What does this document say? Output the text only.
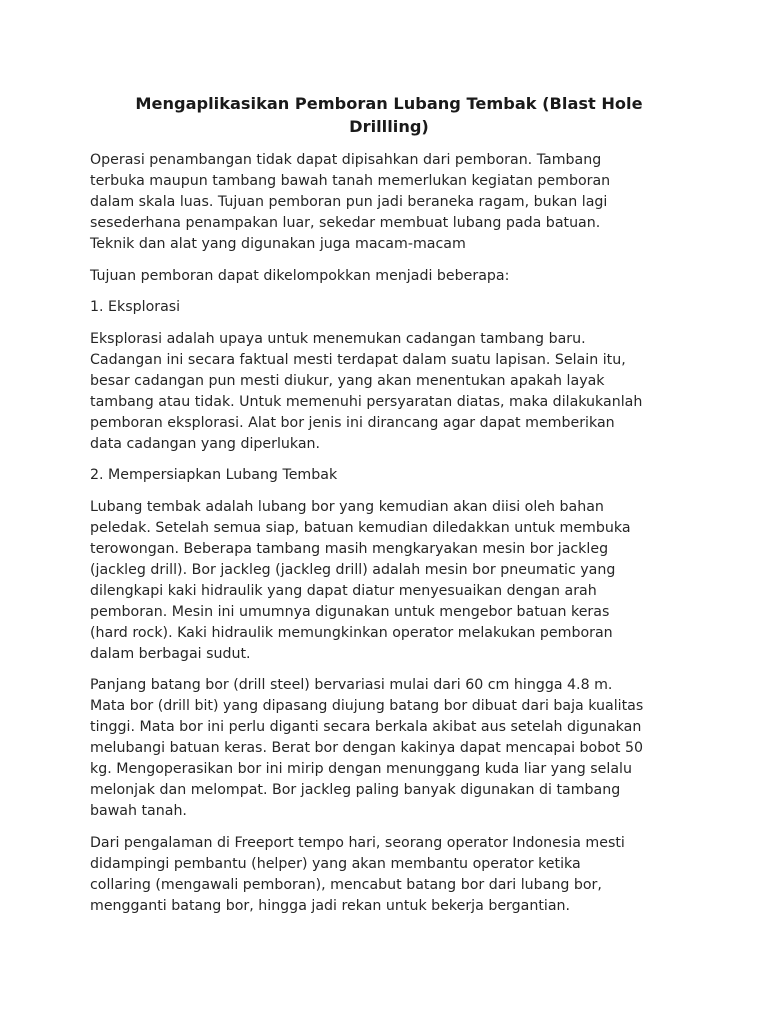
Mengaplikasikan Pemboran Lubang Tembak (Blast Hole
Drillling)

Operasi penambangan tidak dapat dipisahkan dari pemboran. Tambang
terbuka maupun tambang bawah tanah memerlukan kegiatan pemboran
dalam skala luas. Tujuan pemboran pun jadi beraneka ragam, bukan lagi
sesederhana penampakan luar, sekedar membuat lubang pada batuan.
Teknik dan alat yang digunakan juga macam-macam

Tujuan pemboran dapat dikelompokkan menjadi beberapa:

1. Eksplorasi

Eksplorasi adalah upaya untuk menemukan cadangan tambang baru.
Cadangan ini secara faktual mesti terdapat dalam suatu lapisan. Selain itu,
besar cadangan pun mesti diukur, yang akan menentukan apakah layak
tambang atau tidak. Untuk memenuhi persyaratan diatas, maka dilakukanlah
pemboran eksplorasi. Alat bor jenis ini dirancang agar dapat memberikan
data cadangan yang diperlukan.

2. Mempersiapkan Lubang Tembak

Lubang tembak adalah lubang bor yang kemudian akan diisi oleh bahan
peledak. Setelah semua siap, batuan kemudian diledakkan untuk membuka
terowongan. Beberapa tambang masih mengkaryakan mesin bor jackleg
(jackleg drill). Bor jackleg (jackleg drill) adalah mesin bor pneumatic yang
dilengkapi kaki hidraulik yang dapat diatur menyesuaikan dengan arah
pemboran. Mesin ini umumnya digunakan untuk mengebor batuan keras
(hard rock). Kaki hidraulik memungkinkan operator melakukan pemboran
dalam berbagai sudut.

Panjang batang bor (drill steel) bervariasi mulai dari 60 cm hingga 4.8 m.
Mata bor (drill bit) yang dipasang diujung batang bor dibuat dari baja kualitas
tinggi. Mata bor ini perlu diganti secara berkala akibat aus setelah digunakan
melubangi batuan keras. Berat bor dengan kakinya dapat mencapai bobot 50
kg. Mengoperasikan bor ini mirip dengan menunggang kuda liar yang selalu
melonjak dan melompat. Bor jackleg paling banyak digunakan di tambang
bawah tanah.

Dari pengalaman di Freeport tempo hari, seorang operator Indonesia mesti
didampingi pembantu (helper) yang akan membantu operator ketika
collaring (mengawali pemboran), mencabut batang bor dari lubang bor,
mengganti batang bor, hingga jadi rekan untuk bekerja bergantian.
